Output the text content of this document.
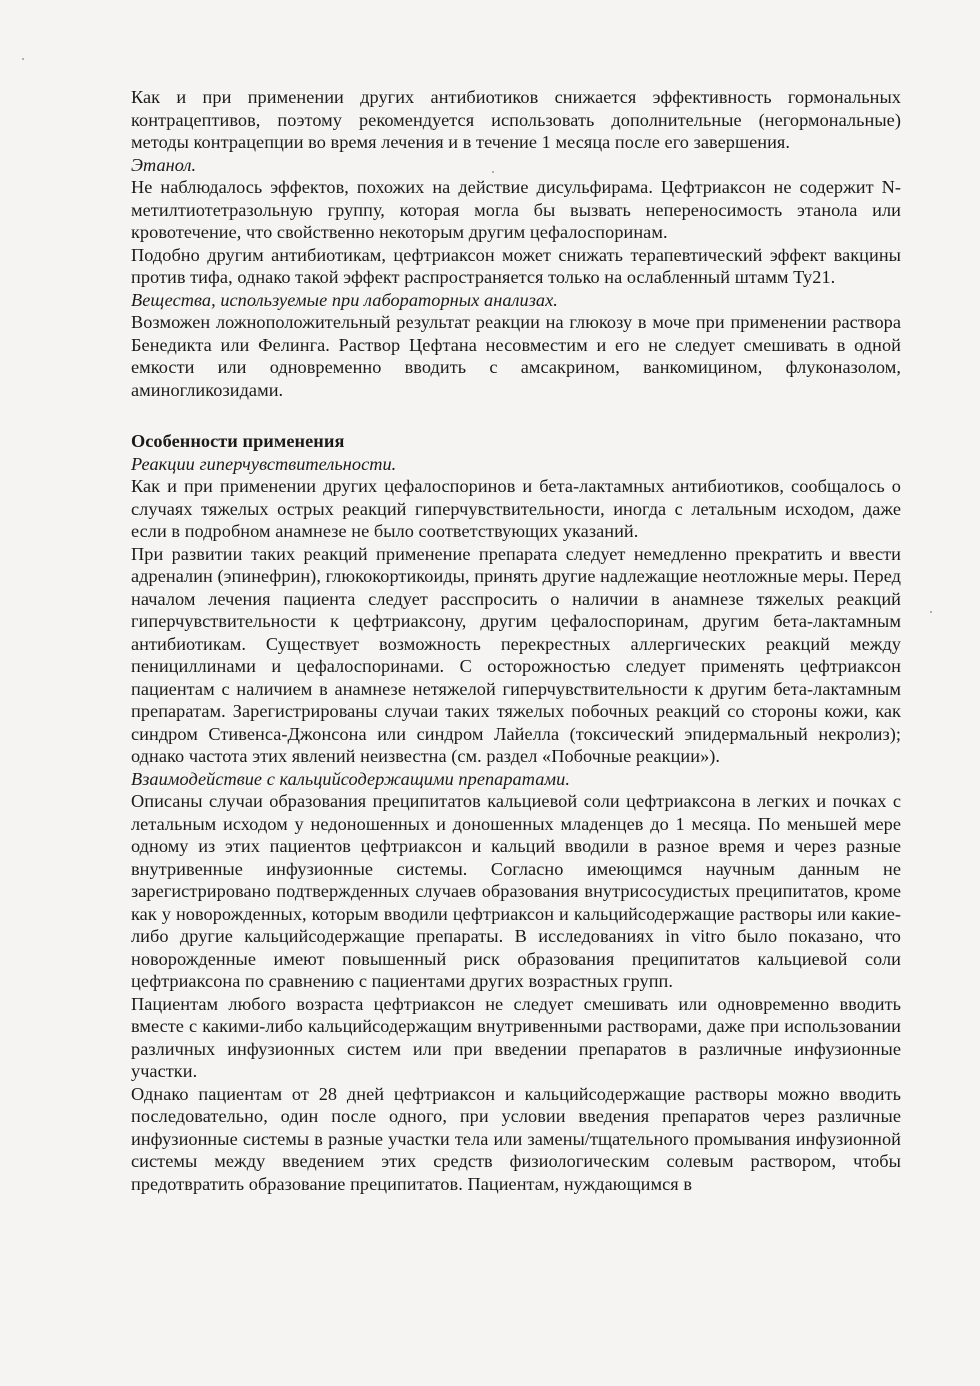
Как и при применении других антибиотиков снижается эффективность гормональных контрацептивов, поэтому рекомендуется использовать дополнительные (негормональные) методы контрацепции во время лечения и в течение 1 месяца после его завершения.

Этанол.

Не наблюдалось эффектов, похожих на действие дисульфирама. Цефтриаксон не содержит N-метилтиотетразольную группу, которая могла бы вызвать непереносимость этанола или кровотечение, что свойственно некоторым другим цефалоспоринам.

Подобно другим антибиотикам, цефтриаксон может снижать терапевтический эффект вакцины против тифа, однако такой эффект распространяется только на ослабленный штамм Ty21.

Вещества, используемые при лабораторных анализах.

Возможен ложноположительный результат реакции на глюкозу в моче при применении раствора Бенедикта или Фелинга. Раствор Цефтана несовместим и его не следует смешивать в одной емкости или одновременно вводить с амсакрином, ванкомицином, флуконазолом, аминогликозидами.

Особенности применения

Реакции гиперчувствительности.

Как и при применении других цефалоспоринов и бета-лактамных антибиотиков, сообщалось о случаях тяжелых острых реакций гиперчувствительности, иногда с летальным исходом, даже если в подробном анамнезе не было соответствующих указаний.

При развитии таких реакций применение препарата следует немедленно прекратить и ввести адреналин (эпинефрин), глюкокортикоиды, принять другие надлежащие неотложные меры. Перед началом лечения пациента следует расспросить о наличии в анамнезе тяжелых реакций гиперчувствительности к цефтриаксону, другим цефалоспоринам, другим бета-лактамным антибиотикам. Существует возможность перекрестных аллергических реакций между пенициллинами и цефалоспоринами. С осторожностью следует применять цефтриаксон пациентам с наличием в анамнезе нетяжелой гиперчувствительности к другим бета-лактамным препаратам. Зарегистрированы случаи таких тяжелых побочных реакций со стороны кожи, как синдром Стивенса-Джонсона или синдром Лайелла (токсический эпидермальный некролиз); однако частота этих явлений неизвестна (см. раздел «Побочные реакции»).

Взаимодействие с кальцийсодержащими препаратами.

Описаны случаи образования преципитатов кальциевой соли цефтриаксона в легких и почках с летальным исходом у недоношенных и доношенных младенцев до 1 месяца. По меньшей мере одному из этих пациентов цефтриаксон и кальций вводили в разное время и через разные внутривенные инфузионные системы. Согласно имеющимся научным данным не зарегистрировано подтвержденных случаев образования внутрисосудистых преципитатов, кроме как у новорожденных, которым вводили цефтриаксон и кальцийсодержащие растворы или какие-либо другие кальцийсодержащие препараты. В исследованиях in vitro было показано, что новорожденные имеют повышенный риск образования преципитатов кальциевой соли цефтриаксона по сравнению с пациентами других возрастных групп.

Пациентам любого возраста цефтриаксон не следует смешивать или одновременно вводить вместе с какими-либо кальцийсодержащим внутривенными растворами, даже при использовании различных инфузионных систем или при введении препаратов в различные инфузионные участки.

Однако пациентам от 28 дней цефтриаксон и кальцийсодержащие растворы можно вводить последовательно, один после одного, при условии введения препаратов через различные инфузионные системы в разные участки тела или замены/тщательного промывания инфузионной системы между введением этих средств физиологическим солевым раствором, чтобы предотвратить образование преципитатов. Пациентам, нуждающимся в
